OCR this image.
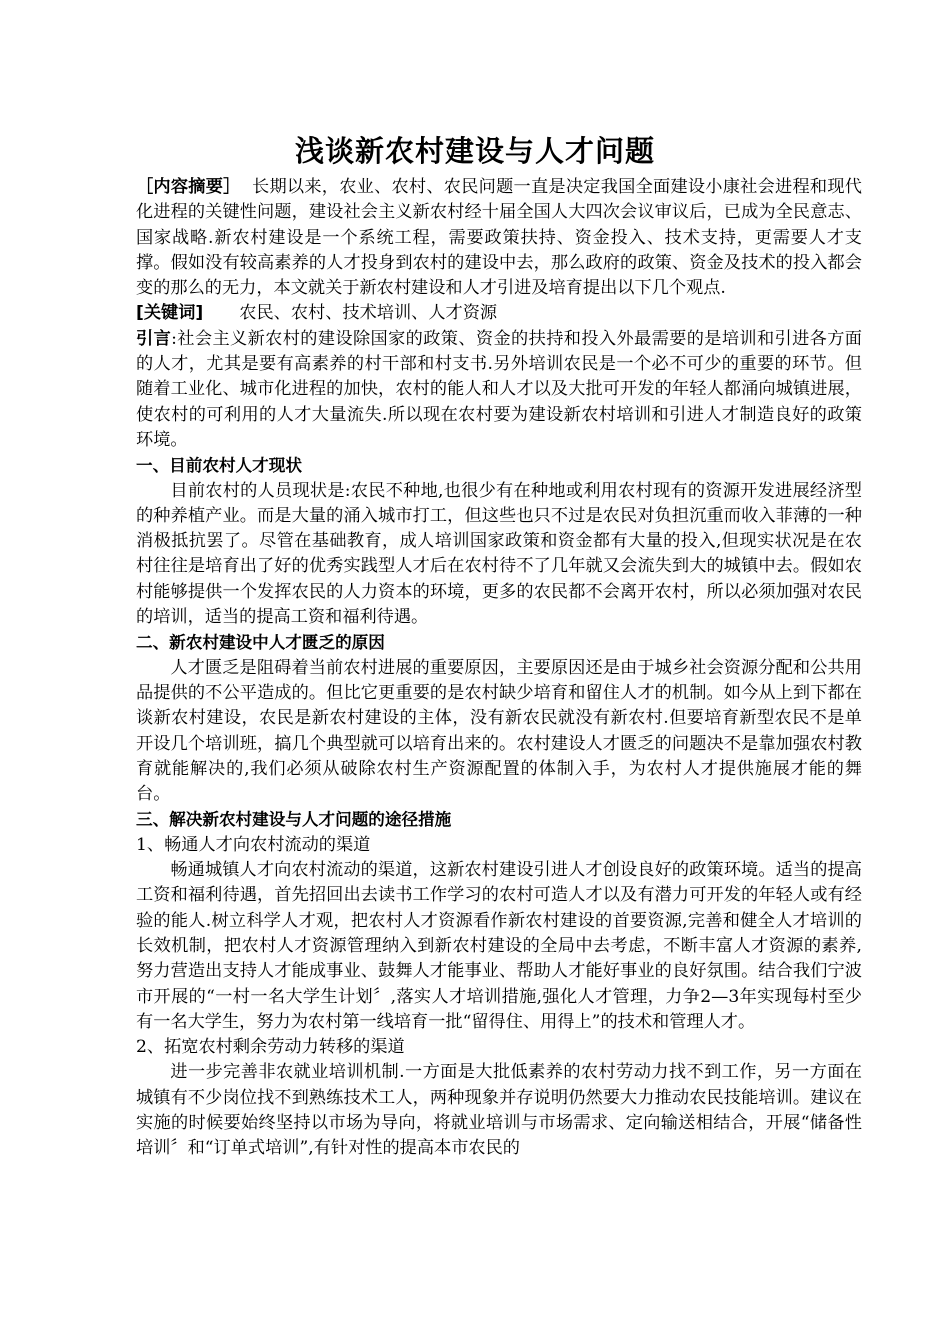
浅谈新农村建设与人才问题

［内容摘要］ 长期以来，农业、农村、农民问题一直是决定我国全面建设小康社会进程和现代化进程的关键性问题，建设社会主义新农村经十届全国人大四次会议审议后，已成为全民意志、国家战略.新农村建设是一个系统工程，需要政策扶持、资金投入、技术支持，更需要人才支撑。假如没有较高素养的人才投身到农村的建设中去，那么政府的政策、资金及技术的投入都会变的那么的无力，本文就关于新农村建设和人才引进及培育提出以下几个观点.

[关键词] 农民、农村、技术培训、人才资源

引言:社会主义新农村的建设除国家的政策、资金的扶持和投入外最需要的是培训和引进各方面的人才，尤其是要有高素养的村干部和村支书.另外培训农民是一个必不可少的重要的环节。但随着工业化、城市化进程的加快，农村的能人和人才以及大批可开发的年轻人都涌向城镇进展，使农村的可利用的人才大量流失.所以现在农村要为建设新农村培训和引进人才制造良好的政策环境。

一、目前农村人才现状

目前农村的人员现状是:农民不种地,也很少有在种地或利用农村现有的资源开发进展经济型的种养植产业。而是大量的涌入城市打工，但这些也只不过是农民对负担沉重而收入菲薄的一种消极抵抗罢了。尽管在基础教育，成人培训国家政策和资金都有大量的投入,但现实状况是在农村往往是培育出了好的优秀实践型人才后在农村待不了几年就又会流失到大的城镇中去。假如农村能够提供一个发挥农民的人力资本的环境，更多的农民都不会离开农村，所以必须加强对农民的培训，适当的提高工资和福利待遇。

二、新农村建设中人才匮乏的原因

人才匮乏是阻碍着当前农村进展的重要原因，主要原因还是由于城乡社会资源分配和公共用品提供的不公平造成的。但比它更重要的是农村缺少培育和留住人才的机制。如今从上到下都在谈新农村建设，农民是新农村建设的主体，没有新农民就没有新农村.但要培育新型农民不是单开设几个培训班，搞几个典型就可以培育出来的。农村建设人才匮乏的问题决不是靠加强农村教育就能解决的,我们必须从破除农村生产资源配置的体制入手，为农村人才提供施展才能的舞台。

三、解决新农村建设与人才问题的途径措施

1、畅通人才向农村流动的渠道

畅通城镇人才向农村流动的渠道，这新农村建设引进人才创设良好的政策环境。适当的提高工资和福利待遇，首先招回出去读书工作学习的农村可造人才以及有潜力可开发的年轻人或有经验的能人.树立科学人才观，把农村人才资源看作新农村建设的首要资源,完善和健全人才培训的长效机制，把农村人才资源管理纳入到新农村建设的全局中去考虑，不断丰富人才资源的素养,努力营造出支持人才能成事业、鼓舞人才能事业、帮助人才能好事业的良好氛围。结合我们宁波市开展的“一村一名大学生计划〞,落实人才培训措施,强化人才管理，力争2—3年实现每村至少有一名大学生，努力为农村第一线培育一批“留得住、用得上”的技术和管理人才。

2、拓宽农村剩余劳动力转移的渠道

进一步完善非农就业培训机制.一方面是大批低素养的农村劳动力找不到工作，另一方面在城镇有不少岗位找不到熟练技术工人，两种现象并存说明仍然要大力推动农民技能培训。建议在实施的时候要始终坚持以市场为导向，将就业培训与市场需求、定向输送相结合，开展“储备性培训〞和“订单式培训”,有针对性的提高本市农民的
